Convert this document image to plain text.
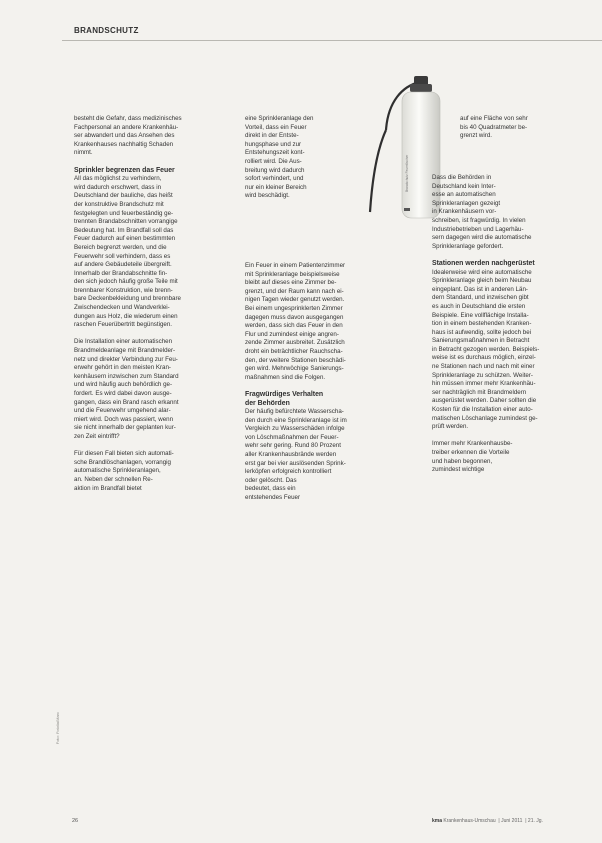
BRANDSCHUTZ
Brandschutz Feuerlöscher
Foto: Fotolia/Marc

besteht die Gefahr, dass medizinisches
Fachpersonal an andere Krankenhäu-
ser abwandert und das Ansehen des
Krankenhauses nachhaltig Schaden
nimmt.

Sprinkler begrenzen das Feuer

All das möglichst zu verhindern,
wird dadurch erschwert, dass in
Deutschland der bauliche, das heißt
der konstruktive Brandschutz mit
festgelegten und feuerbeständig ge-
trennten Brandabschnitten vorrangige
Bedeutung hat. Im Brandfall soll das
Feuer dadurch auf einen bestimmten
Bereich begrenzt werden, und die
Feuerwehr soll verhindern, dass es
auf andere Gebäudeteile übergreift.
Innerhalb der Brandabschnitte fin-
den sich jedoch häufig große Teile mit
brennbarer Konstruktion, wie brenn-
bare Deckenbekleidung und brennbare
Zwischendecken und Wandverklei-
dungen aus Holz, die wiederum einen
raschen Feuerübertritt begünstigen.

Die Installation einer automatischen
Brandmeldeanlage mit Brandmelder-
netz und direkter Verbindung zur Feu-
erwehr gehört in den meisten Kran-
kenhäusern inzwischen zum Standard
und wird häufig auch behördlich ge-
fordert. Es wird dabei davon ausge-
gangen, dass ein Brand rasch erkannt
und die Feuerwehr umgehend alar-
miert wird. Doch was passiert, wenn
sie nicht innerhalb der geplanten kur-
zen Zeit eintrifft?

Für diesen Fall bieten sich automati-
sche Brandlöschanlagen, vorrangig
automatische Sprinkleranlagen,
an. Neben der schnellen Re-
aktion im Brandfall bietet

eine Sprinkleranlage den
Vorteil, dass ein Feuer
direkt in der Entste-
hungsphase und zur
Entstehungszeit kont-
rolliert wird. Die Aus-
breitung wird dadurch
sofort verhindert, und
nur ein kleiner Bereich
wird beschädigt.

Ein Feuer in einem Patientenzimmer
mit Sprinkleranlage beispielsweise
bleibt auf dieses eine Zimmer be-
grenzt, und der Raum kann nach ei-
nigen Tagen wieder genutzt werden.
Bei einem ungesprinklerten Zimmer
dagegen muss davon ausgegangen
werden, dass sich das Feuer in den
Flur und zumindest einige angren-
zende Zimmer ausbreitet. Zusätzlich
droht ein beträchtlicher Rauchscha-
den, der weitere Stationen beschädi-
gen wird. Mehrwöchige Sanierungs-
maßnahmen sind die Folgen.

Fragwürdiges Verhalten
der Behörden

Der häufig befürchtete Wasserscha-
den durch eine Sprinkleranlage ist im
Vergleich zu Wasserschäden infolge
von Löschmaßnahmen der Feuer-
wehr sehr gering. Rund 80 Prozent
aller Krankenhausbrände werden
erst gar bei vier auslösenden Sprink-
lerköpfen erfolgreich kontrolliert
oder gelöscht. Das
bedeutet, dass ein
entstehendes Feuer

auf eine Fläche von sehr
bis 40 Quadratmeter be-
grenzt wird.

Dass die Behörden in
Deutschland kein Inter-
esse an automatischen
Sprinkleranlagen gezeigt
in Krankenhäusern vor-
schreiben, ist fragwürdig. In vielen
Industriebetrieben und Lagerhäu-
sern dagegen wird die automatische
Sprinkleranlage gefordert.

Stationen werden nachgerüstet

Idealerweise wird eine automatische
Sprinkleranlage gleich beim Neubau
eingeplant. Das ist in anderen Län-
dern Standard, und inzwischen gibt
es auch in Deutschland die ersten
Beispiele. Eine vollflächige Installa-
tion in einem bestehenden Kranken-
haus ist aufwendig, sollte jedoch bei
Sanierungsmaßnahmen in Betracht
in Betracht gezogen werden. Beispiels-
weise ist es durchaus möglich, einzel-
ne Stationen nach und nach mit einer
Sprinkleranlage zu schützen. Weiter-
hin müssen immer mehr Krankenhäu-
ser nachträglich mit Brandmeldern
ausgerüstet werden. Daher sollten die
Kosten für die Installation einer auto-
matischen Löschanlage zumindest ge-
prüft werden.

Immer mehr Krankenhausbe-
treiber erkennen die Vorteile
und haben begonnen,
zumindest wichtige

26	kma Krankenhaus-Umschau  | Juni 2011  | 21. Jg.
